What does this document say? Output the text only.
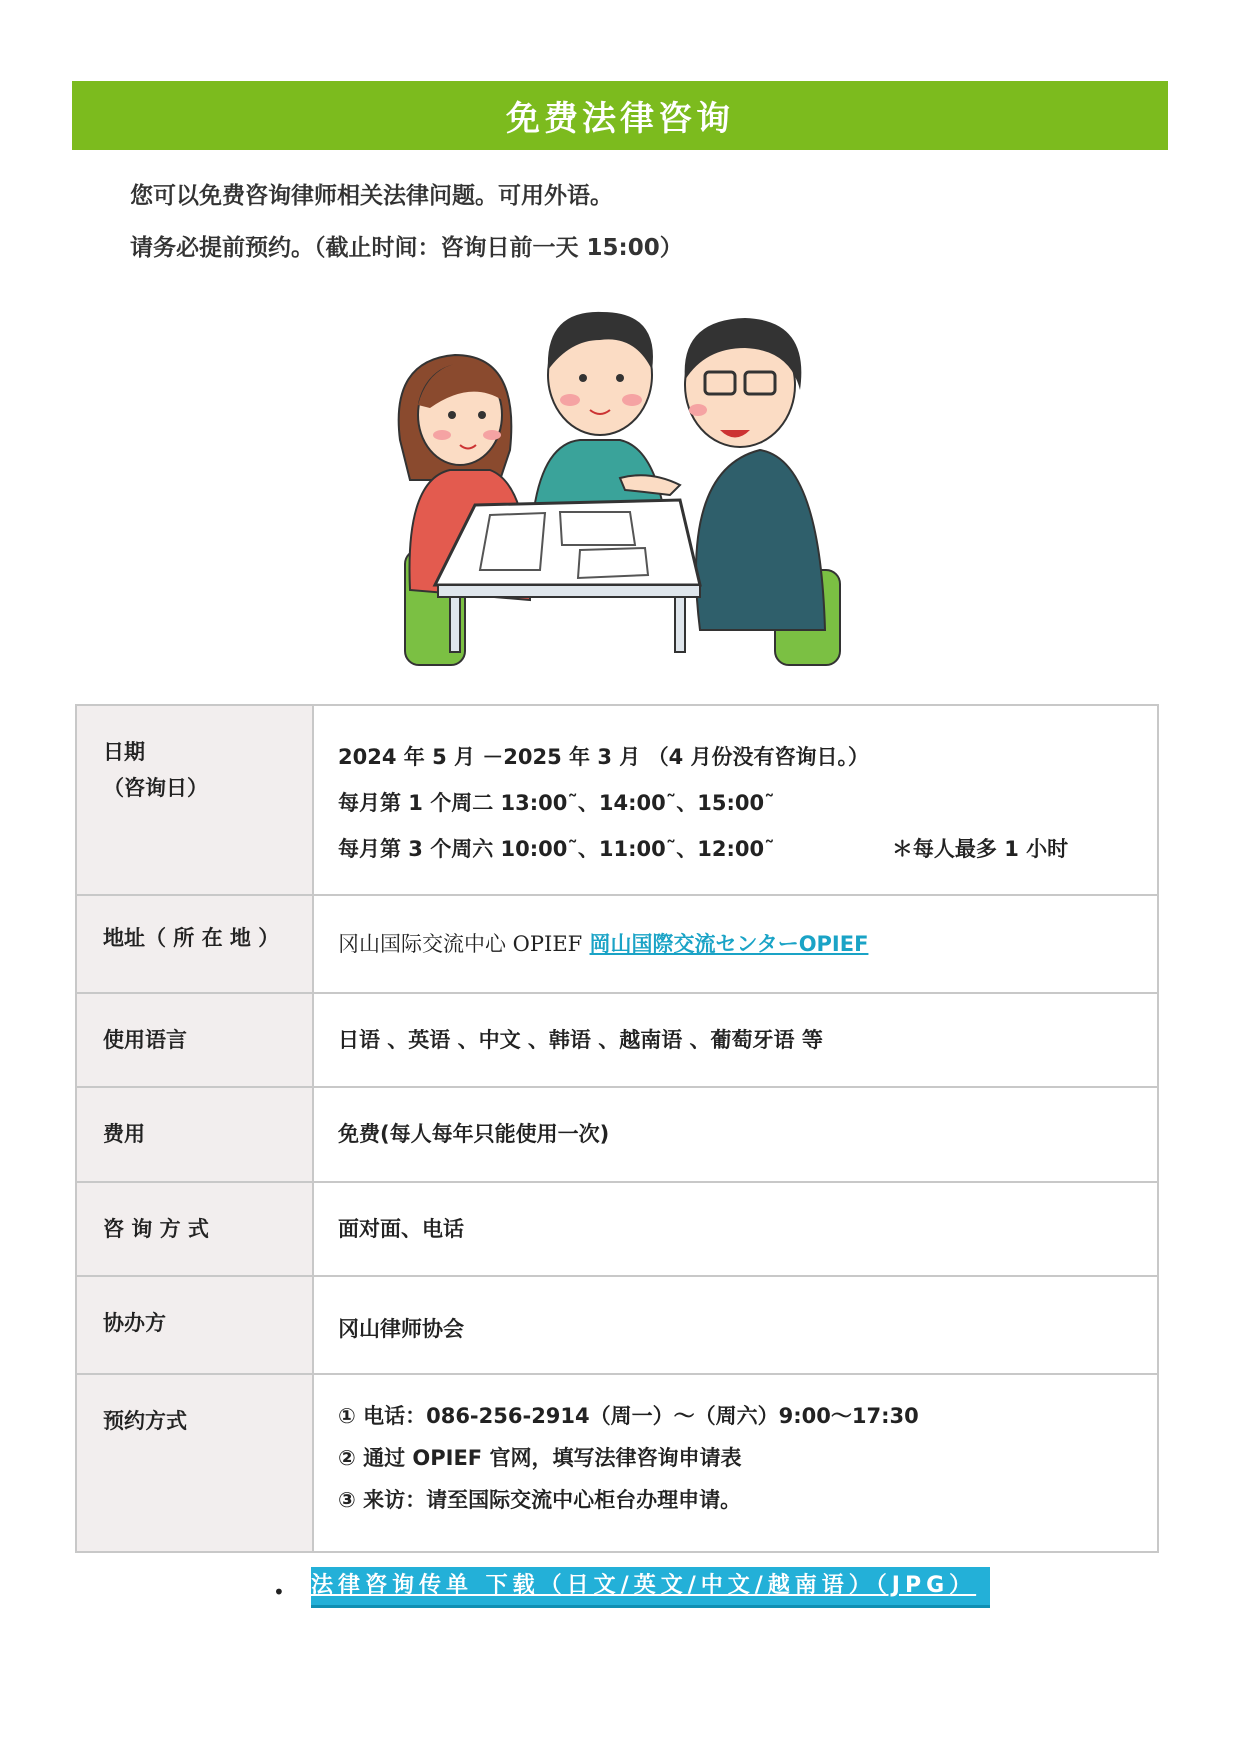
免费法律咨询
您可以免费咨询律师相关法律问题。可用外语。
请务必提前预约。（截止时间：咨询日前一天 15:00）
日期
（咨询日）	2024 年 5 月 －2025 年 3 月 （4 月份没有咨询日。）
每月第 1 个周二 13:00˜、14:00˜、15:00˜
每月第 3 个周六 10:00˜、11:00˜、12:00˜ ＊每人最多 1 小时

地址（ 所 在 地 ）	冈山国际交流中心 OPIEF 岡山国際交流センターOPIEF

使用语言	日语 、英语 、中文 、韩语 、越南语 、葡萄牙语 等

费用	免费(每人每年只能使用一次)

咨 询 方 式	面对面、电话

协办方	冈山律师协会

预约方式	① 电话：086-256-2914（周一）～（周六）9:00～17:30
② 通过 OPIEF 官网，填写法律咨询申请表
③ 来访：请至国际交流中心柜台办理申请。
• 法律咨询传单 下载（日文/英文/中文/越南语）（JPG）
